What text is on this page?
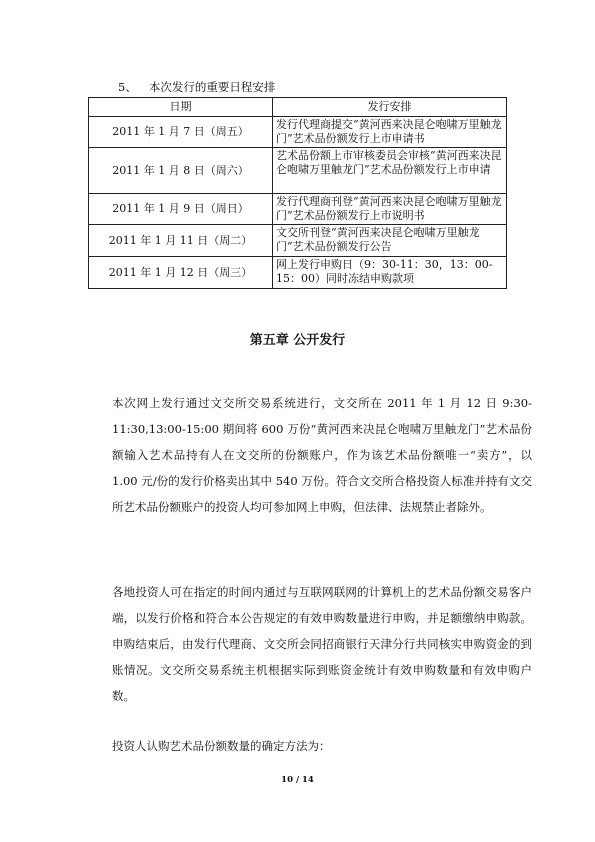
5、 本次发行的重要日程安排
日期	发行安排
2011 年 1 月 7 日（周五）	发行代理商提交“黄河西来决昆仑咆啸万里触龙门”艺术品份额发行上市申请书
2011 年 1 月 8 日（周六）	艺术品份额上市审核委员会审核“黄河西来决昆仑咆啸万里触龙门”艺术品份额发行上市申请
2011 年 1 月 9 日（周日）	发行代理商刊登“黄河西来决昆仑咆啸万里触龙门”艺术品份额发行上市说明书
2011 年 1 月 11 日（周二）	文交所刊登“黄河西来决昆仑咆啸万里触龙门”艺术品份额发行公告
2011 年 1 月 12 日（周三）	网上发行申购日（9：30-11：30，13：00-15：00）同时冻结申购款项
第五章 公开发行

本次网上发行通过文交所交易系统进行，文交所在 2011 年 1 月 12 日 9:30-11:30,13:00-15:00 期间将 600 万份“黄河西来决昆仑咆啸万里触龙门”艺术品份额输入艺术品持有人在文交所的份额账户，作为该艺术品份额唯一“卖方”，以 1.00 元/份的发行价格卖出其中 540 万份。符合文交所合格投资人标准并持有文交所艺术品份额账户的投资人均可参加网上申购，但法律、法规禁止者除外。

各地投资人可在指定的时间内通过与互联网联网的计算机上的艺术品份额交易客户端，以发行价格和符合本公告规定的有效申购数量进行申购，并足额缴纳申购款。申购结束后，由发行代理商、文交所会同招商银行天津分行共同核实申购资金的到账情况。文交所交易系统主机根据实际到账资金统计有效申购数量和有效申购户数。

投资人认购艺术品份额数量的确定方法为：

10 / 14
